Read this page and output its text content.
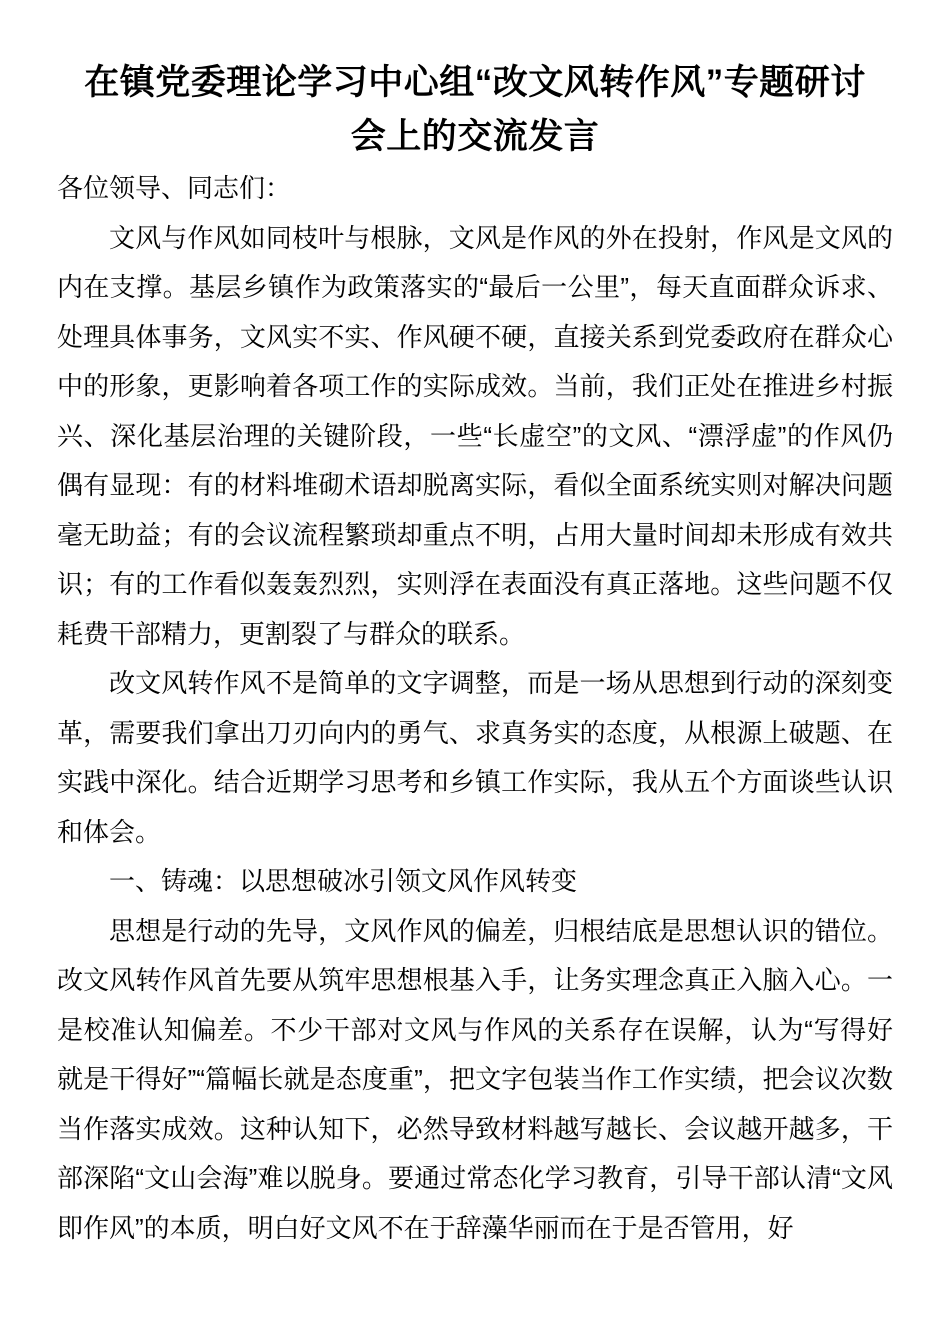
在镇党委理论学习中心组“改文风转作风”专题研讨
会上的交流发言

各位领导、同志们：

文风与作风如同枝叶与根脉，文风是作风的外在投射，作风是文风的内在支撑。基层乡镇作为政策落实的“最后一公里”，每天直面群众诉求、处理具体事务，文风实不实、作风硬不硬，直接关系到党委政府在群众心中的形象，更影响着各项工作的实际成效。当前，我们正处在推进乡村振兴、深化基层治理的关键阶段，一些“长虚空”的文风、“漂浮虚”的作风仍偶有显现：有的材料堆砌术语却脱离实际，看似全面系统实则对解决问题毫无助益；有的会议流程繁琐却重点不明，占用大量时间却未形成有效共识；有的工作看似轰轰烈烈，实则浮在表面没有真正落地。这些问题不仅耗费干部精力，更割裂了与群众的联系。

改文风转作风不是简单的文字调整，而是一场从思想到行动的深刻变革，需要我们拿出刀刃向内的勇气、求真务实的态度，从根源上破题、在实践中深化。结合近期学习思考和乡镇工作实际，我从五个方面谈些认识和体会。

一、铸魂：以思想破冰引领文风作风转变

思想是行动的先导，文风作风的偏差，归根结底是思想认识的错位。改文风转作风首先要从筑牢思想根基入手，让务实理念真正入脑入心。一是校准认知偏差。不少干部对文风与作风的关系存在误解，认为“写得好就是干得好”“篇幅长就是态度重”，把文字包装当作工作实绩，把会议次数当作落实成效。这种认知下，必然导致材料越写越长、会议越开越多，干部深陷“文山会海”难以脱身。要通过常态化学习教育，引导干部认清“文风即作风”的本质，明白好文风不在于辞藻华丽而在于是否管用，好
